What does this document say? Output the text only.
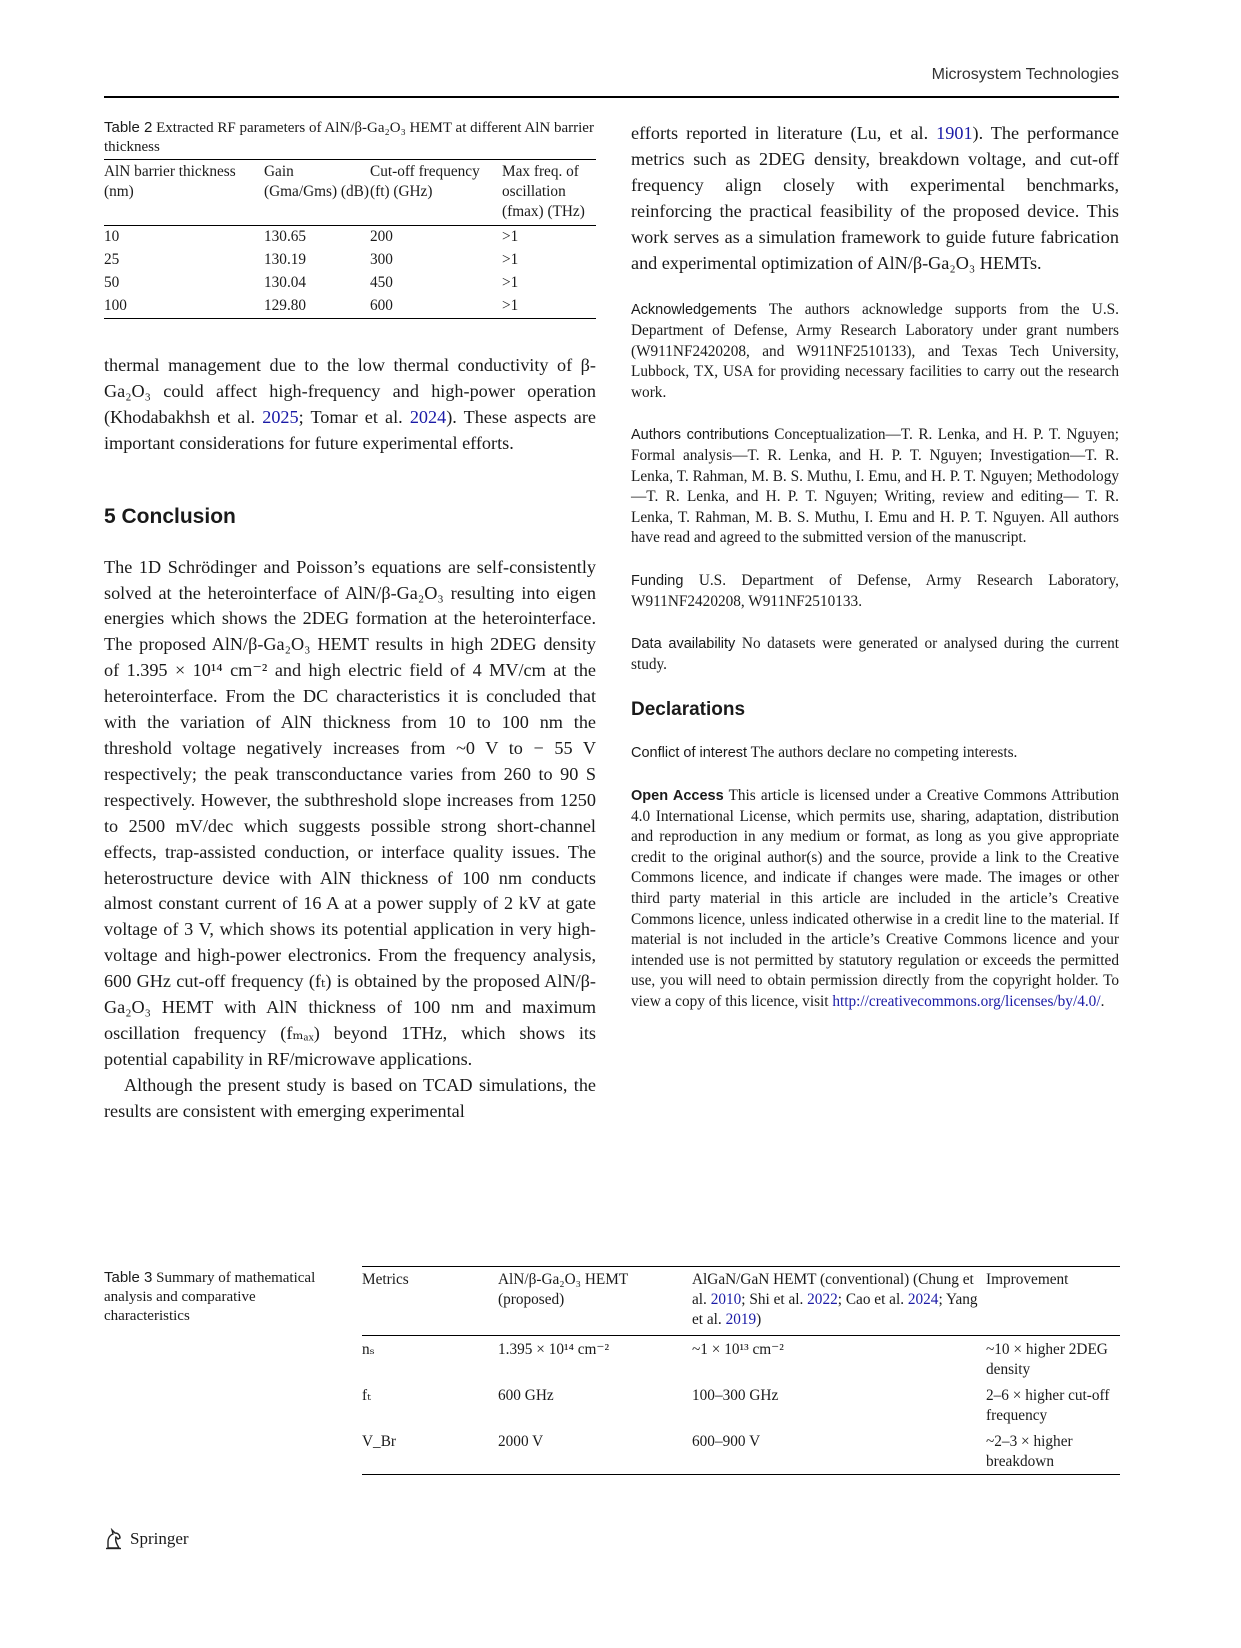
Microsystem Technologies
Table 2 Extracted RF parameters of AlN/β-Ga₂O₃ HEMT at different AlN barrier thickness
AlN barrier thickness (nm)	Gain (Gma/Gms) (dB)	Cut-off frequency (ft) (GHz)	Max freq. of oscillation (fmax) (THz)
10	130.65	200	>1
25	130.19	300	>1
50	130.04	450	>1
100	129.80	600	>1
thermal management due to the low thermal conductivity of β-Ga₂O₃ could affect high-frequency and high-power operation (Khodabakhsh et al. 2025; Tomar et al. 2024). These aspects are important considerations for future experimental efforts.
5 Conclusion

The 1D Schrödinger and Poisson’s equations are self-consistently solved at the heterointerface of AlN/β-Ga₂O₃ resulting into eigen energies which shows the 2DEG formation at the heterointerface. The proposed AlN/β-Ga₂O₃ HEMT results in high 2DEG density of 1.395 × 10¹⁴ cm⁻² and high electric field of 4 MV/cm at the heterointerface. From the DC characteristics it is concluded that with the variation of AlN thickness from 10 to 100 nm the threshold voltage negatively increases from ~0 V to − 55 V respectively; the peak transconductance varies from 260 to 90 S respectively. However, the subthreshold slope increases from 1250 to 2500 mV/dec which suggests possible strong short-channel effects, trap-assisted conduction, or interface quality issues. The heterostructure device with AlN thickness of 100 nm conducts almost constant current of 16 A at a power supply of 2 kV at gate voltage of 3 V, which shows its potential application in very high-voltage and high-power electronics. From the frequency analysis, 600 GHz cut-off frequency (fₜ) is obtained by the proposed AlN/β-Ga₂O₃ HEMT with AlN thickness of 100 nm and maximum oscillation frequency (fₘₐₓ) beyond 1THz, which shows its potential capability in RF/microwave applications.

Although the present study is based on TCAD simulations, the results are consistent with emerging experimental

efforts reported in literature (Lu, et al. 1901). The performance metrics such as 2DEG density, breakdown voltage, and cut-off frequency align closely with experimental benchmarks, reinforcing the practical feasibility of the proposed device. This work serves as a simulation framework to guide future fabrication and experimental optimization of AlN/β-Ga₂O₃ HEMTs.

Acknowledgements The authors acknowledge supports from the U.S. Department of Defense, Army Research Laboratory under grant numbers (W911NF2420208, and W911NF2510133), and Texas Tech University, Lubbock, TX, USA for providing necessary facilities to carry out the research work.

Authors contributions Conceptualization—T. R. Lenka, and H. P. T. Nguyen; Formal analysis—T. R. Lenka, and H. P. T. Nguyen; Investigation—T. R. Lenka, T. Rahman, M. B. S. Muthu, I. Emu, and H. P. T. Nguyen; Methodology—T. R. Lenka, and H. P. T. Nguyen; Writing, review and editing— T. R. Lenka, T. Rahman, M. B. S. Muthu, I. Emu and H. P. T. Nguyen. All authors have read and agreed to the submitted version of the manuscript.

Funding U.S. Department of Defense, Army Research Laboratory, W911NF2420208, W911NF2510133.

Data availability No datasets were generated or analysed during the current study.

Declarations

Conflict of interest The authors declare no competing interests.

Open Access This article is licensed under a Creative Commons Attribution 4.0 International License, which permits use, sharing, adaptation, distribution and reproduction in any medium or format, as long as you give appropriate credit to the original author(s) and the source, provide a link to the Creative Commons licence, and indicate if changes were made. The images or other third party material in this article are included in the article’s Creative Commons licence, unless indicated otherwise in a credit line to the material. If material is not included in the article’s Creative Commons licence and your intended use is not permitted by statutory regulation or exceeds the permitted use, you will need to obtain permission directly from the copyright holder. To view a copy of this licence, visit http://creativecommons.org/licenses/by/4.0/.

Table 3 Summary of mathematical analysis and comparative characteristics
Metrics	AlN/β-Ga₂O₃ HEMT (proposed)	AlGaN/GaN HEMT (conventional) (Chung et al. 2010; Shi et al. 2022; Cao et al. 2024; Yang et al. 2019)	Improvement
nₛ	1.395 × 10¹⁴ cm⁻²	~1 × 10¹³ cm⁻²	~10 × higher 2DEG density
fₜ	600 GHz	100–300 GHz	2–6 × higher cut-off frequency
V_Br	2000 V	600–900 V	~2–3 × higher breakdown
Springer
